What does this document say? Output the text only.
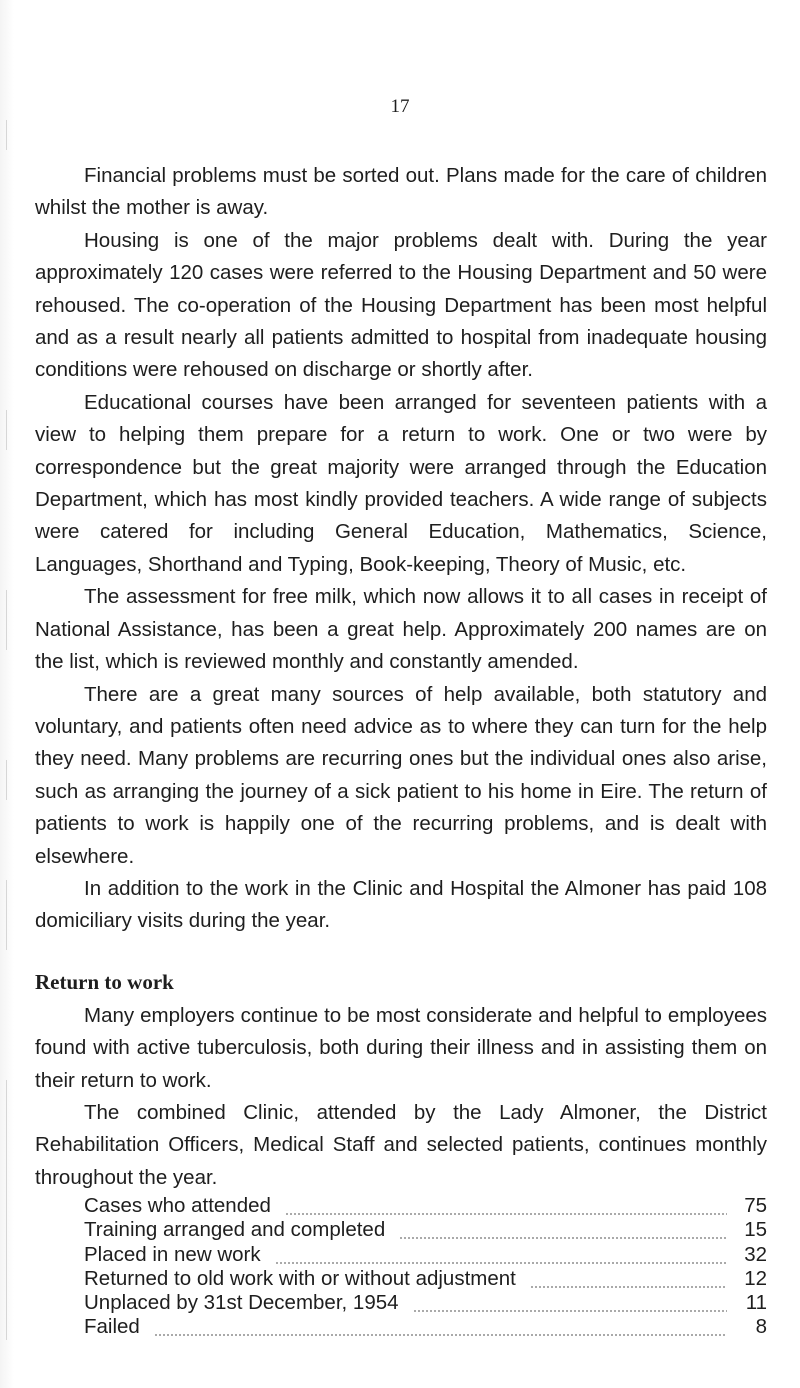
17

Financial problems must be sorted out. Plans made for the care of children whilst the mother is away.

Housing is one of the major problems dealt with. During the year approximately 120 cases were referred to the Housing Department and 50 were rehoused. The co-operation of the Housing Department has been most helpful and as a result nearly all patients admitted to hospital from inadequate housing conditions were rehoused on discharge or shortly after.

Educational courses have been arranged for seventeen patients with a view to helping them prepare for a return to work. One or two were by correspondence but the great majority were arranged through the Education Department, which has most kindly provided teachers. A wide range of subjects were catered for including General Education, Mathematics, Science, Languages, Shorthand and Typing, Book-keeping, Theory of Music, etc.

The assessment for free milk, which now allows it to all cases in receipt of National Assistance, has been a great help. Approximately 200 names are on the list, which is reviewed monthly and constantly amended.

There are a great many sources of help available, both statutory and voluntary, and patients often need advice as to where they can turn for the help they need. Many problems are recurring ones but the individual ones also arise, such as arranging the journey of a sick patient to his home in Eire. The return of patients to work is happily one of the recurring problems, and is dealt with elsewhere.

In addition to the work in the Clinic and Hospital the Almoner has paid 108 domiciliary visits during the year.

Return to work

Many employers continue to be most considerate and helpful to employees found with active tuberculosis, both during their illness and in assisting them on their return to work.

The combined Clinic, attended by the Lady Almoner, the District Rehabilitation Officers, Medical Staff and selected patients, continues monthly throughout the year.

Cases who attended	75
Training arranged and completed	15
Placed in new work	32
Returned to old work with or without adjustment	12
Unplaced by 31st December, 1954	11
Failed	8
